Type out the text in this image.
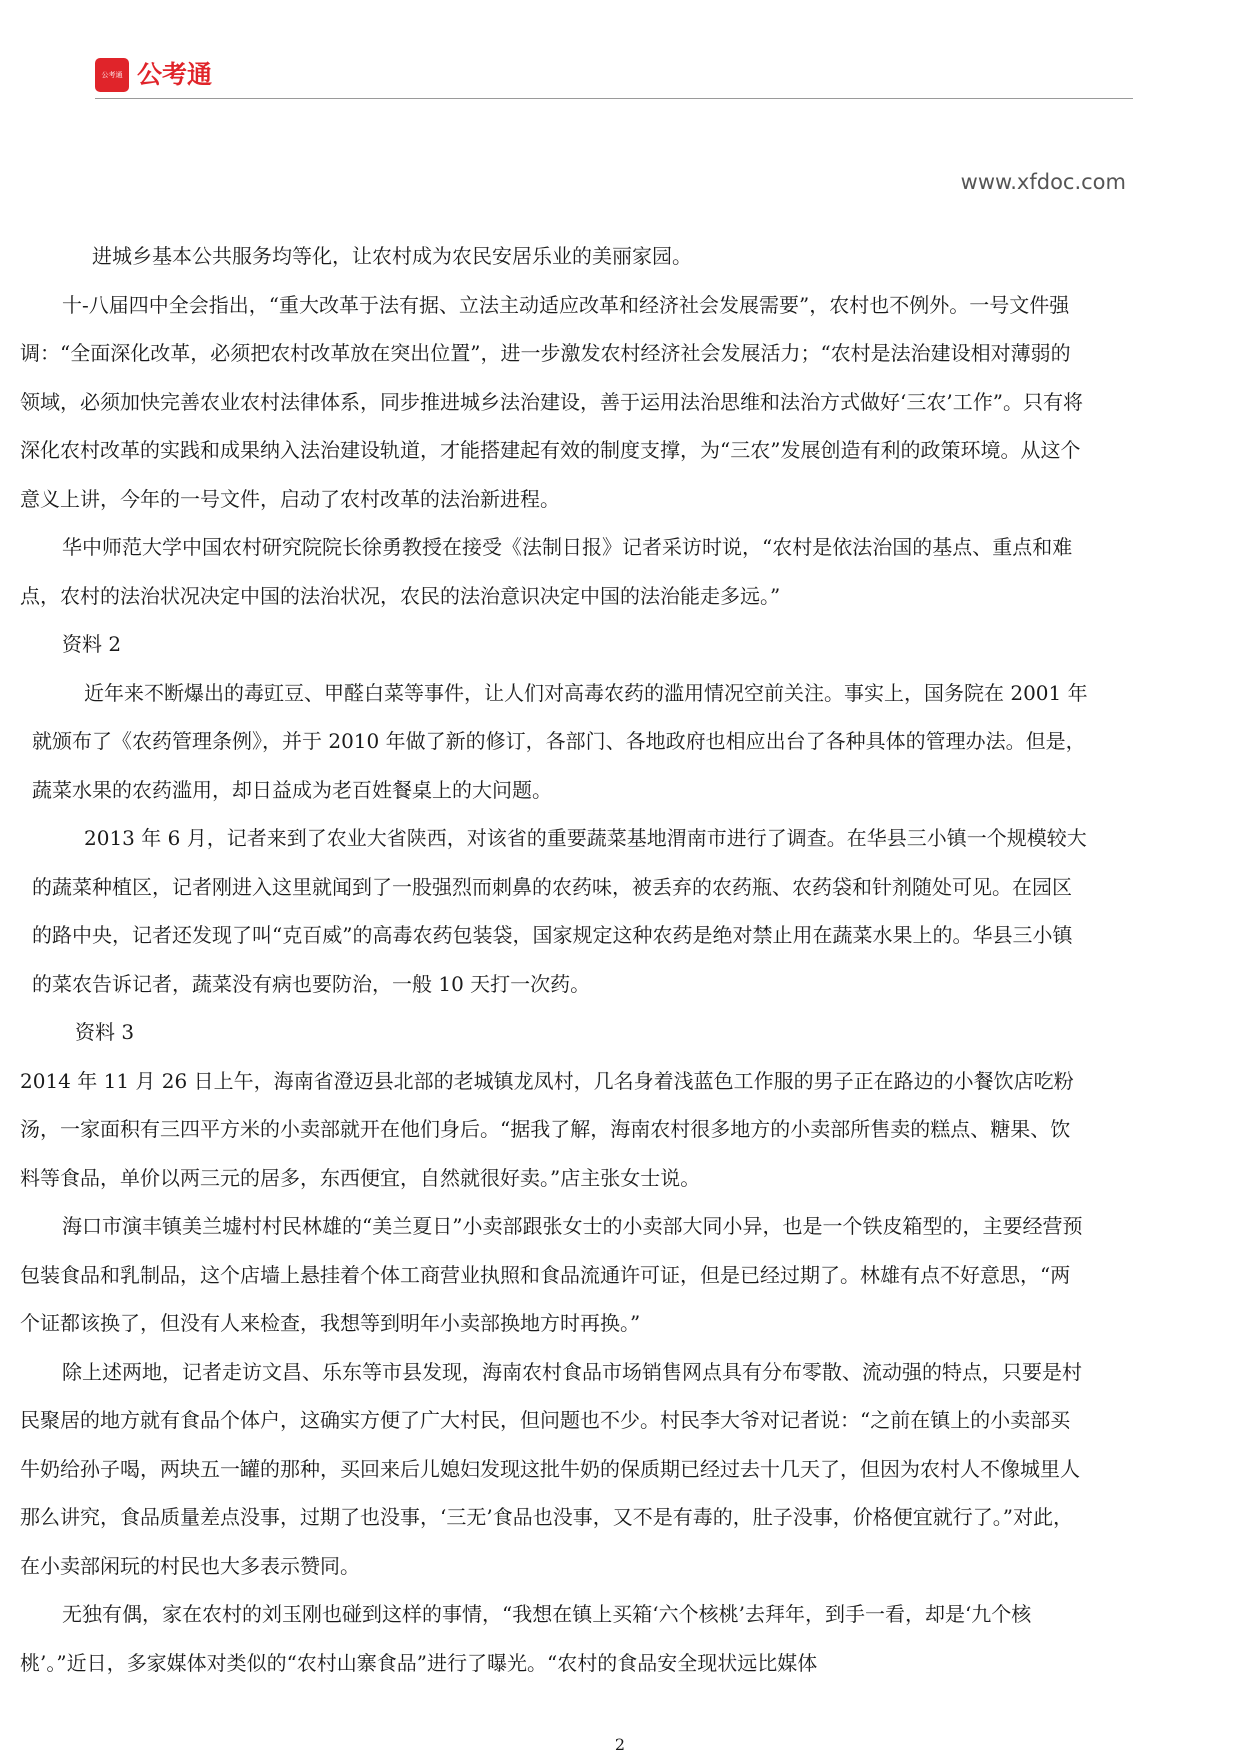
公考通 公考通
www.xfdoc.com

进城乡基本公共服务均等化，让农村成为农民安居乐业的美丽家园。

十-八届四中全会指出，“重大改革于法有据、立法主动适应改革和经济社会发展需要”，农村也不例外。一号文件强调：“全面深化改革，必须把农村改革放在突出位置”，进一步激发农村经济社会发展活力；“农村是法治建设相对薄弱的领域，必须加快完善农业农村法律体系，同步推进城乡法治建设，善于运用法治思维和法治方式做好‘三农’工作”。只有将深化农村改革的实践和成果纳入法治建设轨道，才能搭建起有效的制度支撑，为“三农”发展创造有利的政策环境。从这个意义上讲，今年的一号文件，启动了农村改革的法治新进程。

华中师范大学中国农村研究院院长徐勇教授在接受《法制日报》记者采访时说，“农村是依法治国的基点、重点和难点，农村的法治状况决定中国的法治状况，农民的法治意识决定中国的法治能走多远。”

资料 2

近年来不断爆出的毒豇豆、甲醛白菜等事件，让人们对高毒农药的滥用情况空前关注。事实上，国务院在 2001 年就颁布了《农药管理条例》，并于 2010 年做了新的修订，各部门、各地政府也相应出台了各种具体的管理办法。但是，蔬菜水果的农药滥用，却日益成为老百姓餐桌上的大问题。

2013 年 6 月，记者来到了农业大省陕西，对该省的重要蔬菜基地渭南市进行了调查。在华县三小镇一个规模较大的蔬菜种植区，记者刚进入这里就闻到了一股强烈而刺鼻的农药味，被丢弃的农药瓶、农药袋和针剂随处可见。在园区的路中央，记者还发现了叫“克百威”的高毒农药包装袋，国家规定这种农药是绝对禁止用在蔬菜水果上的。华县三小镇的菜农告诉记者，蔬菜没有病也要防治，一般 10 天打一次药。

资料 3

2014 年 11 月 26 日上午，海南省澄迈县北部的老城镇龙凤村，几名身着浅蓝色工作服的男子正在路边的小餐饮店吃粉汤，一家面积有三四平方米的小卖部就开在他们身后。“据我了解，海南农村很多地方的小卖部所售卖的糕点、糖果、饮料等食品，单价以两三元的居多，东西便宜，自然就很好卖。”店主张女士说。

海口市演丰镇美兰墟村村民林雄的“美兰夏日”小卖部跟张女士的小卖部大同小异，也是一个铁皮箱型的，主要经营预包装食品和乳制品，这个店墙上悬挂着个体工商营业执照和食品流通许可证，但是已经过期了。林雄有点不好意思，“两个证都该换了，但没有人来检查，我想等到明年小卖部换地方时再换。”

除上述两地，记者走访文昌、乐东等市县发现，海南农村食品市场销售网点具有分布零散、流动强的特点，只要是村民聚居的地方就有食品个体户，这确实方便了广大村民，但问题也不少。村民李大爷对记者说：“之前在镇上的小卖部买牛奶给孙子喝，两块五一罐的那种，买回来后儿媳妇发现这批牛奶的保质期已经过去十几天了，但因为农村人不像城里人那么讲究，食品质量差点没事，过期了也没事，‘三无’食品也没事，又不是有毒的，肚子没事，价格便宜就行了。”对此，在小卖部闲玩的村民也大多表示赞同。

无独有偶，家在农村的刘玉刚也碰到这样的事情，“我想在镇上买箱‘六个核桃’去拜年，到手一看，却是‘九个核桃’。”近日，多家媒体对类似的“农村山寨食品”进行了曝光。“农村的食品安全现状远比媒体

2
